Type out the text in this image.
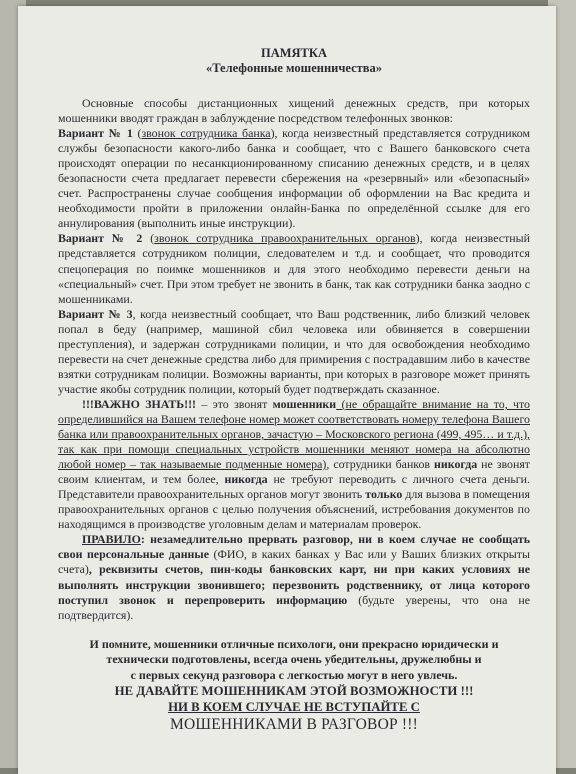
ПАМЯТКА
«Телефонные мошенничества»

Основные способы дистанционных хищений денежных средств, при которых мошенники вводят граждан в заблуждение посредством телефонных звонков:

Вариант № 1 (звонок сотрудника банка), когда неизвестный представляется сотрудником службы безопасности какого-либо банка и сообщает, что с Вашего банковского счета происходят операции по несанкционированному списанию денежных средств, и в целях безопасности счета предлагает перевести сбережения на «резервный» или «безопасный» счет. Распространены случае сообщения информации об оформлении на Вас кредита и необходимости пройти в приложении онлайн-Банка по определённой ссылке для его аннулирования (выполнить иные инструкции).

Вариант № 2 (звонок сотрудника правоохранительных органов), когда неизвестный представляется сотрудником полиции, следователем и т.д. и сообщает, что проводится спецоперация по поимке мошенников и для этого необходимо перевести деньги на «специальный» счет. При этом требует не звонить в банк, так как сотрудники банка заодно с мошенниками.

Вариант № 3, когда неизвестный сообщает, что Ваш родственник, либо близкий человек попал в беду (например, машиной сбил человека или обвиняется в совершении преступления), и задержан сотрудниками полиции, и что для освобождения необходимо перевести на счет денежные средства либо для примирения с пострадавшим либо в качестве взятки сотрудникам полиции. Возможны варианты, при которых в разговоре может принять участие якобы сотрудник полиции, который будет подтверждать сказанное.

!!!ВАЖНО ЗНАТЬ!!! – это звонят мошенники (не обращайте внимание на то, что определившийся на Вашем телефоне номер может соответствовать номеру телефона Вашего банка или правоохранительных органов, зачастую – Московского региона (499, 495… и т.д.), так как при помощи специальных устройств мошенники меняют номера на абсолютно любой номер – так называемые подменные номера), сотрудники банков никогда не звонят своим клиентам, и тем более, никогда не требуют переводить с личного счета деньги. Представители правоохранительных органов могут звонить только для вызова в помещения правоохранительных органов с целью получения объяснений, истребования документов по находящимся в производстве уголовным делам и материалам проверок.

ПРАВИЛО: незамедлительно прервать разговор, ни в коем случае не сообщать свои персональные данные (ФИО, в каких банках у Вас или у Ваших близких открыты счета), реквизиты счетов, пин-коды банковских карт, ни при каких условиях не выполнять инструкции звонившего; перезвонить родственнику, от лица которого поступил звонок и перепроверить информацию (будьте уверены, что она не подтвердится).

И помните, мошенники отличные психологи, они прекрасно юридически и
технически подготовлены, всегда очень убедительны, дружелюбны и
с первых секунд разговора с легкостью могут в него увлечь.
НЕ ДАВАЙТЕ МОШЕННИКАМ ЭТОЙ ВОЗМОЖНОСТИ !!!
НИ В КОЕМ СЛУЧАЕ НЕ ВСТУПАЙТЕ С
МОШЕННИКАМИ В РАЗГОВОР !!!
